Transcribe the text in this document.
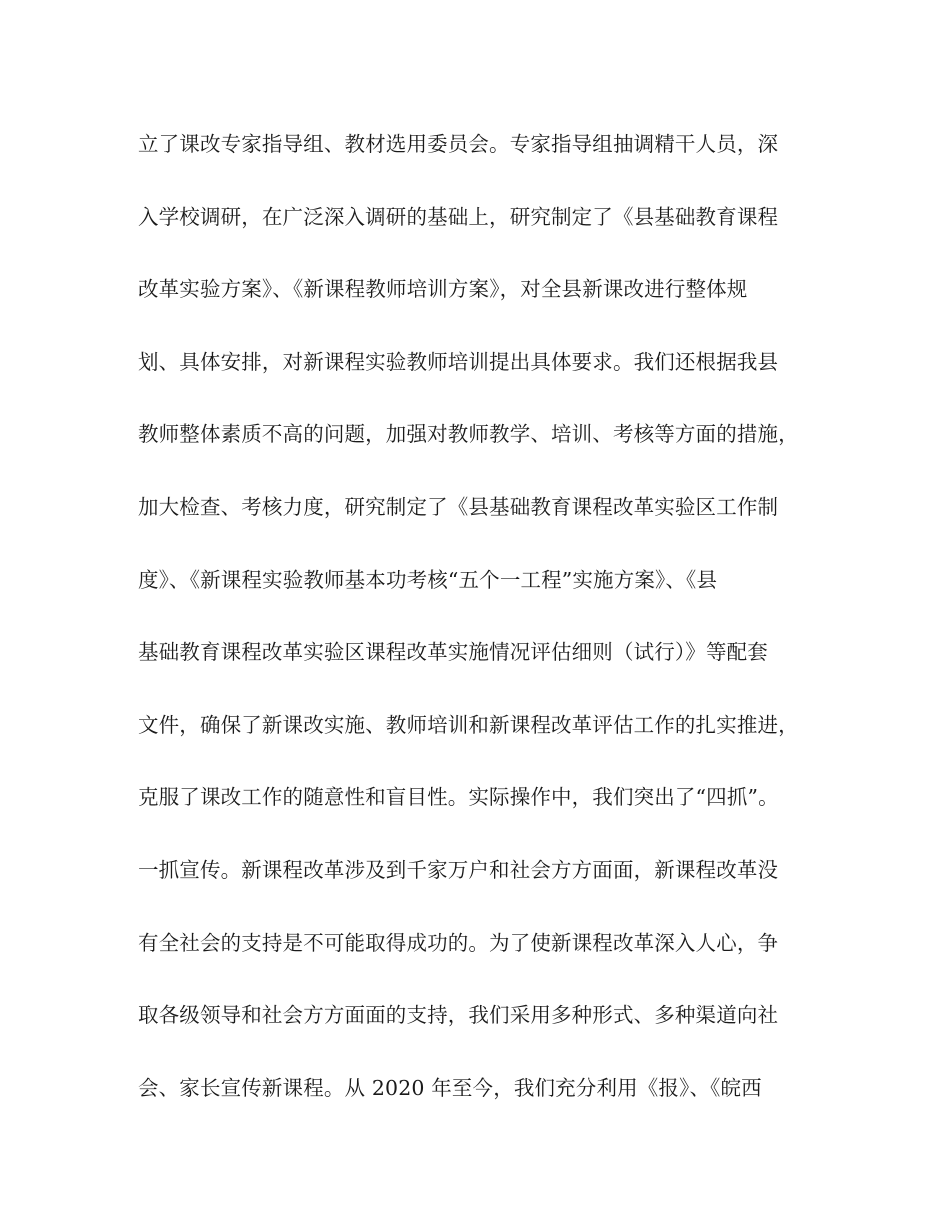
立了课改专家指导组、教材选用委员会。专家指导组抽调精干人员，深
入学校调研，在广泛深入调研的基础上，研究制定了《县基础教育课程
改革实验方案》、《新课程教师培训方案》，对全县新课改进行整体规
划、具体安排，对新课程实验教师培训提出具体要求。我们还根据我县
教师整体素质不高的问题，加强对教师教学、培训、考核等方面的措施，
加大检查、考核力度，研究制定了《县基础教育课程改革实验区工作制
度》、《新课程实验教师基本功考核“五个一工程”实施方案》、《县
基础教育课程改革实验区课程改革实施情况评估细则（试行）》等配套
文件，确保了新课改实施、教师培训和新课程改革评估工作的扎实推进，
克服了课改工作的随意性和盲目性。实际操作中，我们突出了“四抓”。
一抓宣传。新课程改革涉及到千家万户和社会方方面面，新课程改革没
有全社会的支持是不可能取得成功的。为了使新课程改革深入人心，争
取各级领导和社会方方面面的支持，我们采用多种形式、多种渠道向社
会、家长宣传新课程。从 2020 年至今，我们充分利用《报》、《皖西
